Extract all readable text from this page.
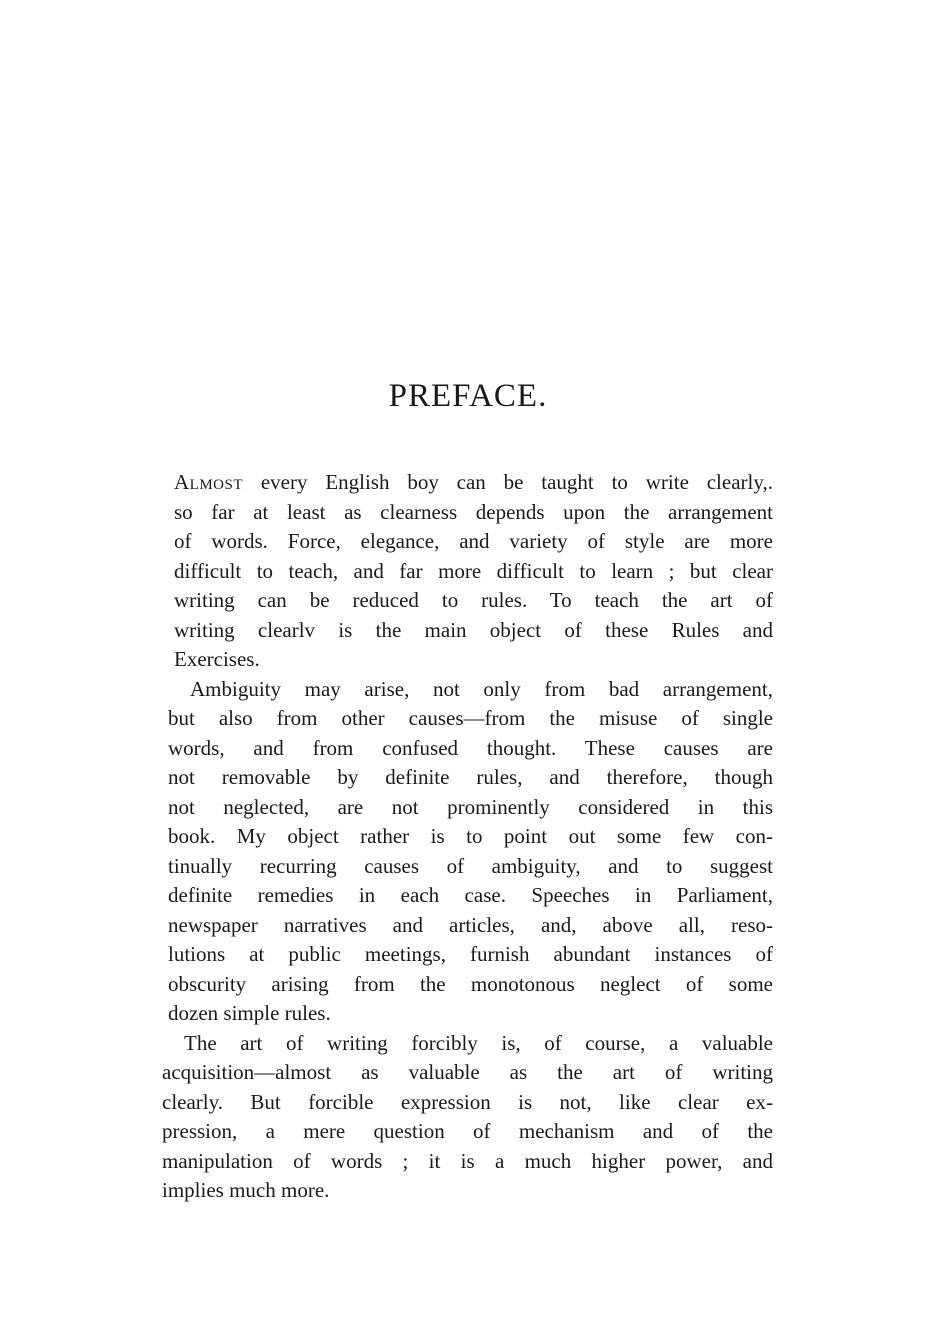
PREFACE.

Almost every English boy can be taught to write clearly,.
so far at least as clearness depends upon the arrangement
of words. Force, elegance, and variety of style are more
difficult to teach, and far more difficult to learn ; but clear
writing can be reduced to rules. To teach the art of
writing clearlv is the main object of these Rules and
Exercises.

Ambiguity may arise, not only from bad arrangement,
but also from other causes—from the misuse of single
words, and from confused thought. These causes are
not removable by definite rules, and therefore, though
not neglected, are not prominently considered in this
book. My object rather is to point out some few con-
tinually recurring causes of ambiguity, and to suggest
definite remedies in each case. Speeches in Parliament,
newspaper narratives and articles, and, above all, reso-
lutions at public meetings, furnish abundant instances of
obscurity arising from the monotonous neglect of some
dozen simple rules.

The art of writing forcibly is, of course, a valuable
acquisition—almost as valuable as the art of writing
clearly. But forcible expression is not, like clear ex-
pression, a mere question of mechanism and of the
manipulation of words ; it is a much higher power, and
implies much more.
